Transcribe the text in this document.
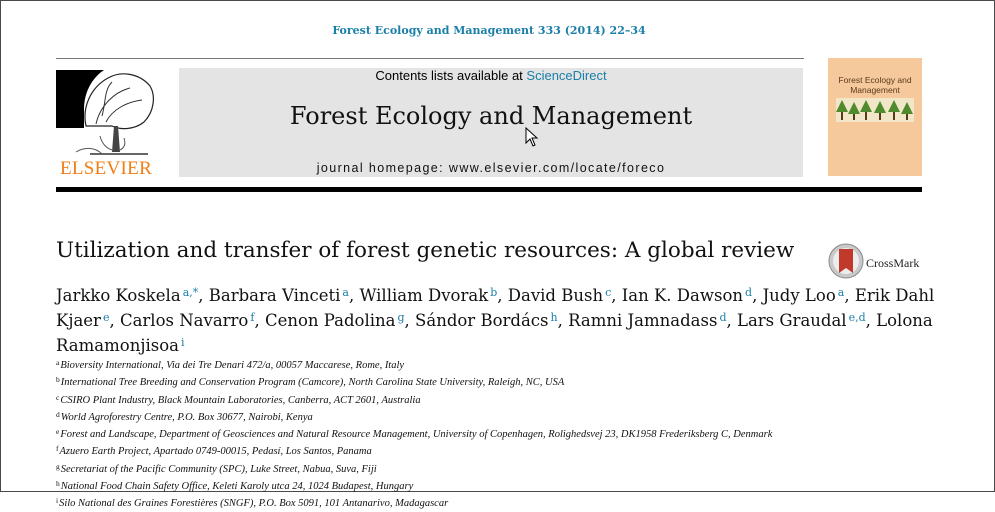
Forest Ecology and Management 333 (2014) 22–34
ELSEVIER
Contents lists available at ScienceDirect
Forest Ecology and Management
journal homepage: www.elsevier.com/locate/foreco
Forest Ecology and Management
Utilization and transfer of forest genetic resources: A global review	CrossMark
Jarkko Koskela $^{a,*}$, Barbara Vinceti $^a$, William Dvorak $^b$, David Bush $^c$, Ian K. Dawson $^d$, Judy Loo $^a$, Erik Dahl Kjaer $^e$, Carlos Navarro $^f$, Cenon Padolina $^g$, Sándor Bordács $^h$, Ramni Jamnadass $^d$, Lars Graudal $^{e,d}$, Lolona Ramamonjisoa $^i$
$^a$Bioversity International, Via dei Tre Denari 472/a, 00057 Maccarese, Rome, Italy
$^b$International Tree Breeding and Conservation Program (Camcore), North Carolina State University, Raleigh, NC, USA
$^c$CSIRO Plant Industry, Black Mountain Laboratories, Canberra, ACT 2601, Australia
$^d$World Agroforestry Centre, P.O. Box 30677, Nairobi, Kenya
$^e$Forest and Landscape, Department of Geosciences and Natural Resource Management, University of Copenhagen, Rolighedsvej 23, DK1958 Frederiksberg C, Denmark
$^f$Azuero Earth Project, Apartado 0749-00015, Pedasí, Los Santos, Panama
$^g$Secretariat of the Pacific Community (SPC), Luke Street, Nabua, Suva, Fiji
$^h$National Food Chain Safety Office, Keleti Karoly utca 24, 1024 Budapest, Hungary
$^i$Silo National des Graines Forestières (SNGF), P.O. Box 5091, 101 Antanarivo, Madagascar
